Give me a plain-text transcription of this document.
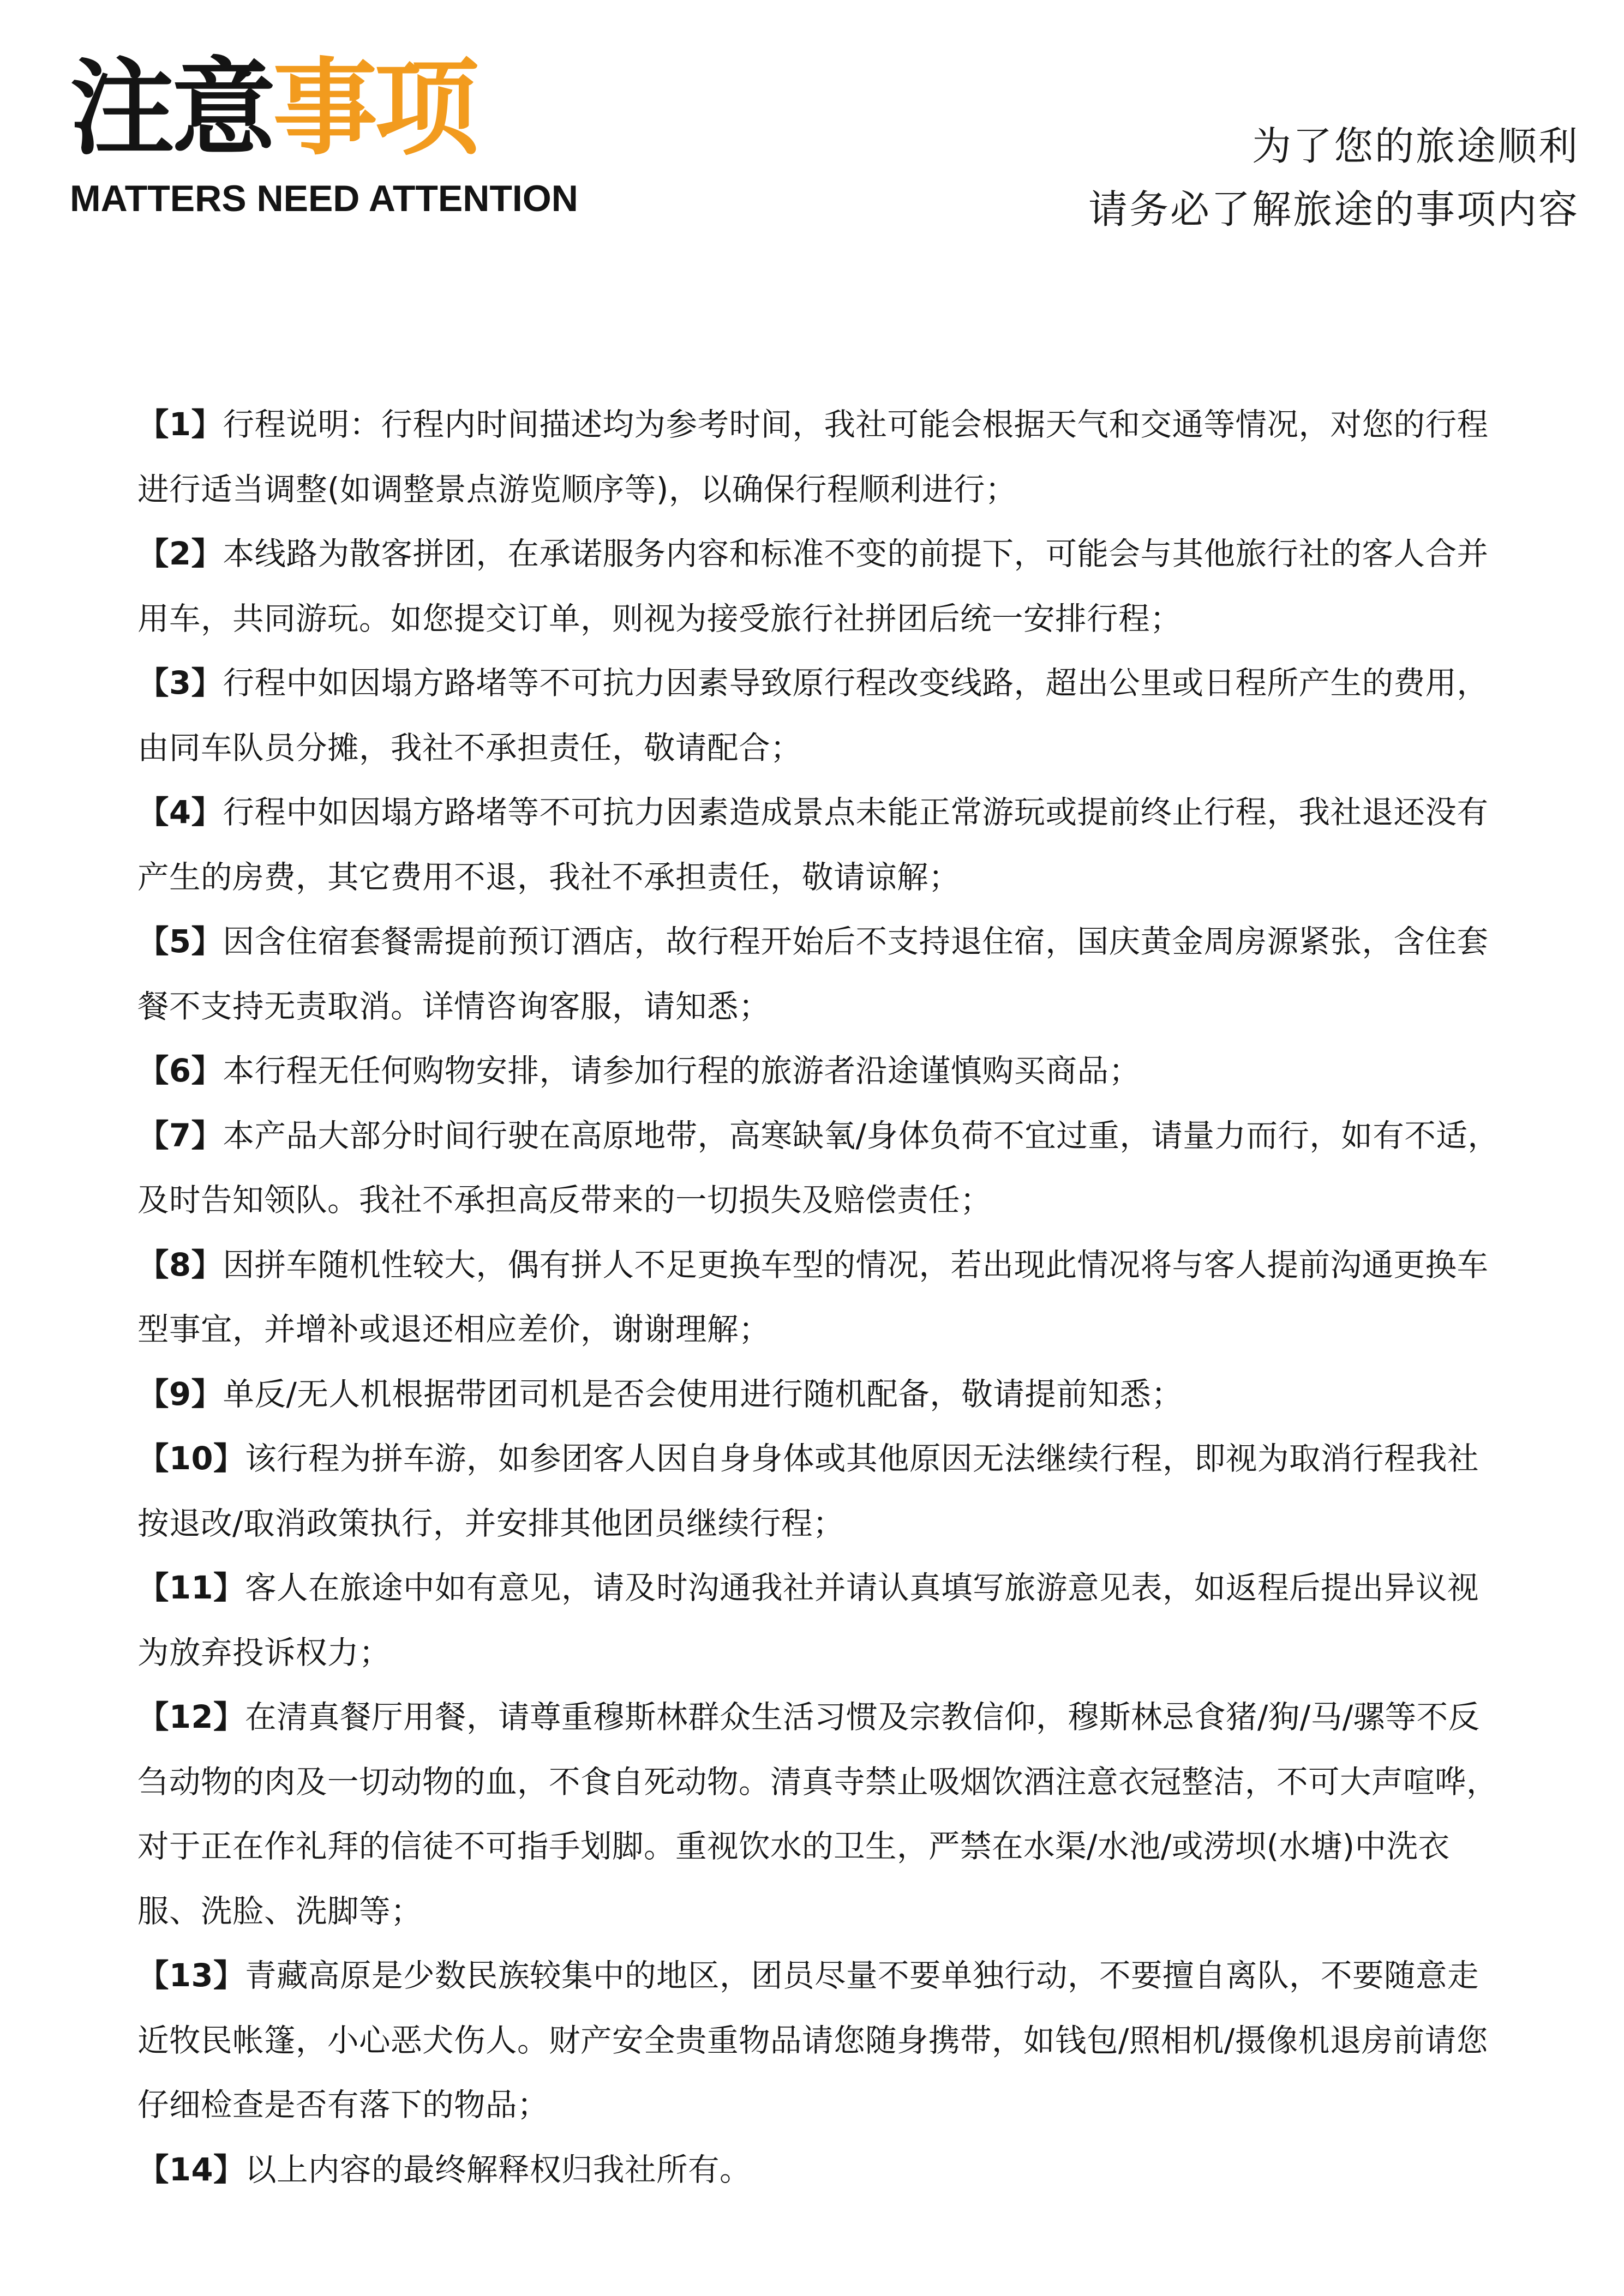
注意事项
MATTERS NEED ATTENTION
为了您的旅途顺利
请务必了解旅途的事项内容
【1】行程说明：行程内时间描述均为参考时间，我社可能会根据天气和交通等情况，对您的行程进行适当调整(如调整景点游览顺序等)，以确保行程顺利进行；
【2】本线路为散客拼团，在承诺服务内容和标准不变的前提下，可能会与其他旅行社的客人合并用车，共同游玩。如您提交订单，则视为接受旅行社拼团后统一安排行程；
【3】行程中如因塌方路堵等不可抗力因素导致原行程改变线路，超出公里或日程所产生的费用，由同车队员分摊，我社不承担责任，敬请配合；
【4】行程中如因塌方路堵等不可抗力因素造成景点未能正常游玩或提前终止行程，我社退还没有产生的房费，其它费用不退，我社不承担责任，敬请谅解；
【5】因含住宿套餐需提前预订酒店，故行程开始后不支持退住宿，国庆黄金周房源紧张，含住套餐不支持无责取消。详情咨询客服，请知悉；
【6】本行程无任何购物安排，请参加行程的旅游者沿途谨慎购买商品；
【7】本产品大部分时间行驶在高原地带，高寒缺氧/身体负荷不宜过重，请量力而行，如有不适，及时告知领队。我社不承担高反带来的一切损失及赔偿责任；
【8】因拼车随机性较大，偶有拼人不足更换车型的情况，若出现此情况将与客人提前沟通更换车型事宜，并增补或退还相应差价，谢谢理解；
【9】单反/无人机根据带团司机是否会使用进行随机配备，敬请提前知悉；
【10】该行程为拼车游，如参团客人因自身身体或其他原因无法继续行程，即视为取消行程我社按退改/取消政策执行，并安排其他团员继续行程；
【11】客人在旅途中如有意见，请及时沟通我社并请认真填写旅游意见表，如返程后提出异议视为放弃投诉权力；
【12】在清真餐厅用餐，请尊重穆斯林群众生活习惯及宗教信仰，穆斯林忌食猪/狗/马/骡等不反刍动物的肉及一切动物的血，不食自死动物。清真寺禁止吸烟饮酒注意衣冠整洁，不可大声喧哗，对于正在作礼拜的信徒不可指手划脚。重视饮水的卫生，严禁在水渠/水池/或涝坝(水塘)中洗衣服、洗脸、洗脚等；
【13】青藏高原是少数民族较集中的地区，团员尽量不要单独行动，不要擅自离队，不要随意走近牧民帐篷，小心恶犬伤人。财产安全贵重物品请您随身携带，如钱包/照相机/摄像机退房前请您仔细检查是否有落下的物品；
【14】以上内容的最终解释权归我社所有。
